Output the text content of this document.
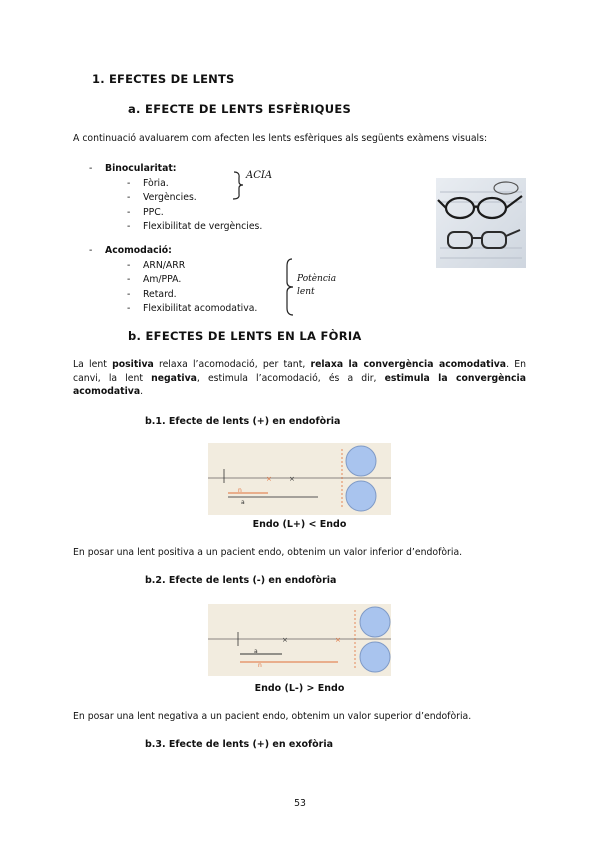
1. EFECTES DE LENTS
a. EFECTE DE LENTS ESFÈRIQUES
A continuació avaluarem com afecten les lents esfèriques als següents exàmens visuals:
- Binocularitat:
- Fòria.
- Vergències.
- PPC.
- Flexibilitat de vergències.
ACIA
- Acomodació:
- ARN/ARR
- Am/PPA.
- Retard.
- Flexibilitat acomodativa.
Potència
lent
b. EFECTES DE LENTS EN LA FÒRIA
La lent positiva relaxa l’acomodació, per tant, relaxa la convergència acomodativa. En canvi, la lent negativa, estimula l’acomodació, és a dir, estimula la convergència acomodativa.
b.1. Efecte de lents (+) en endofòria
n
a
× ×
Endo (L+) < Endo
En posar una lent positiva a un pacient endo, obtenim un valor inferior d’endofòria.
b.2. Efecte de lents (-) en endofòria
a
n
×	×
Endo (L-) > Endo
En posar una lent negativa a un pacient endo, obtenim un valor superior d’endofòria.
b.3. Efecte de lents (+) en exofòria
53
